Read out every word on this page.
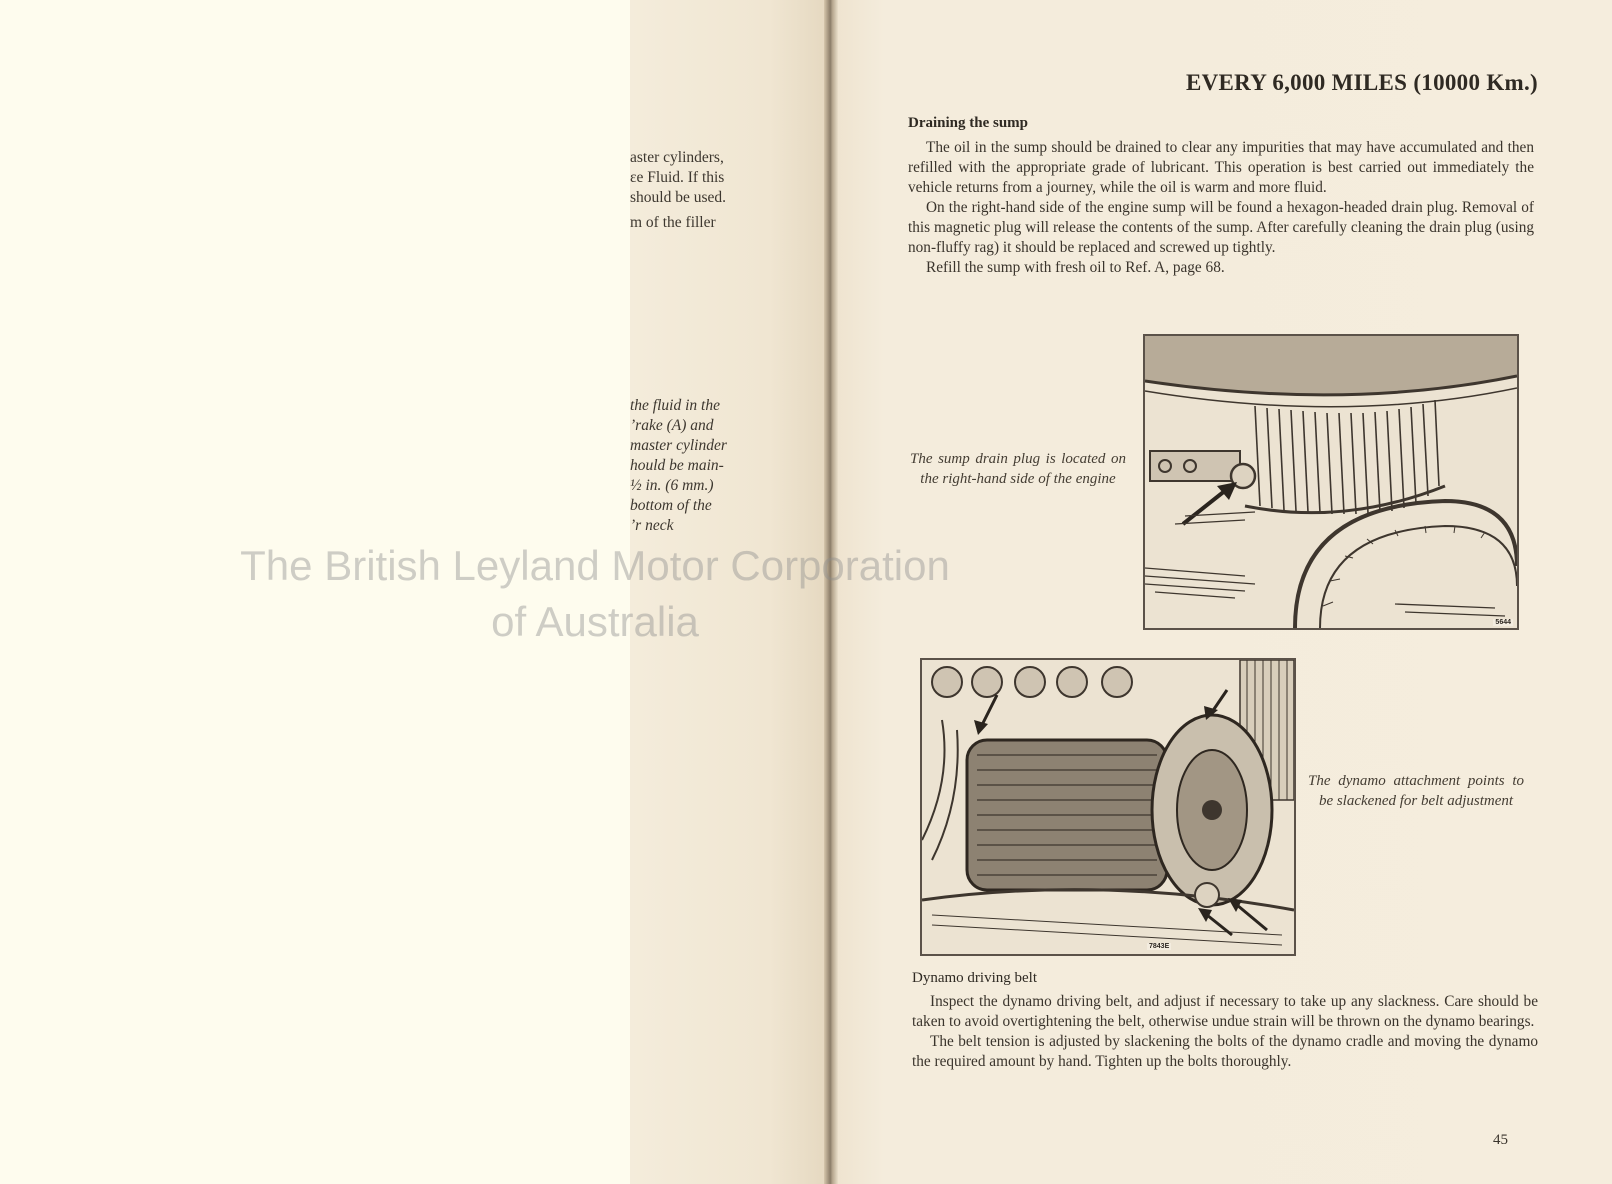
aster cylinders,
ɛe Fluid. If this
should be used.
m of the filler
the fluid in the
ʼrake (A) and
master cylinder
hould be main-
½ in. (6 mm.)
bottom of the
ʼr neck
EVERY 6,000 MILES (10000 Km.)
Draining the sump

The oil in the sump should be drained to clear any impurities that may have accumulated and then refilled with the appropriate grade of lubricant. This operation is best carried out immediately the vehicle returns from a journey, while the oil is warm and more fluid.

On the right-hand side of the engine sump will be found a hexagon-headed drain plug. Removal of this magnetic plug will release the contents of the sump. After carefully cleaning the drain plug (using non-fluffy rag) it should be replaced and screwed up tightly.

Refill the sump with fresh oil to Ref. A, page 68.

The sump drain plug is located on the right-hand side of the engine
5644
7843E
The dynamo attachment points to be slackened for belt adjustment
Dynamo driving belt

Inspect the dynamo driving belt, and adjust if necessary to take up any slackness. Care should be taken to avoid overtightening the belt, otherwise undue strain will be thrown on the dynamo bearings.

The belt tension is adjusted by slackening the bolts of the dynamo cradle and moving the dynamo the required amount by hand. Tighten up the bolts thoroughly.

45
The British Leyland Motor Corporation
of Australia
